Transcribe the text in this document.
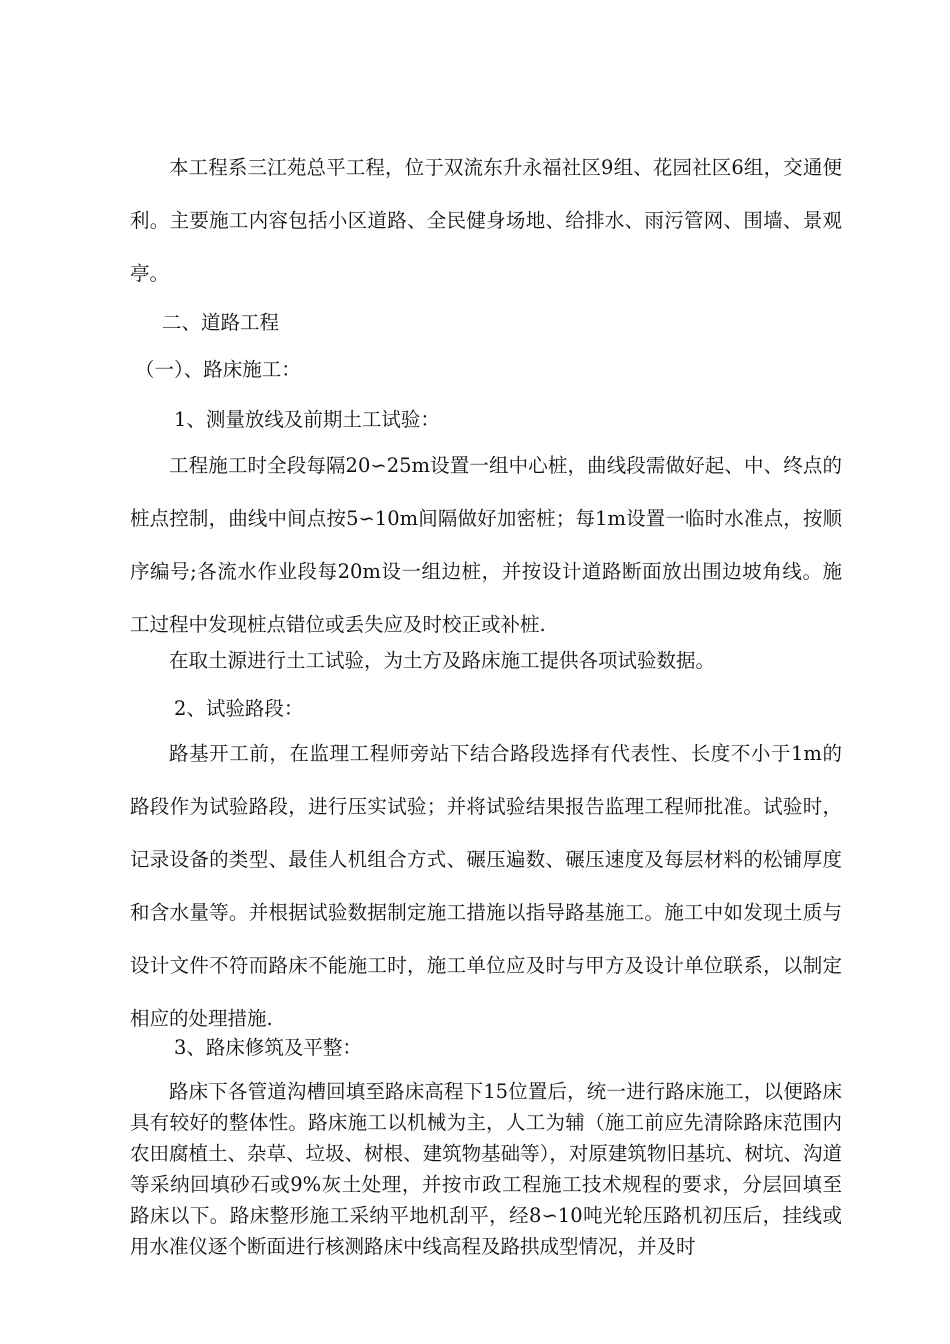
本工程系三江苑总平工程，位于双流东升永福社区9组、花园社区6组，交通便利。主要施工内容包括小区道路、全民健身场地、给排水、雨污管网、围墙、景观亭。

二、道路工程

（一）、路床施工：

1、测量放线及前期土工试验：

工程施工时全段每隔20∽25m设置一组中心桩，曲线段需做好起、中、终点的桩点控制，曲线中间点按5∽10m间隔做好加密桩；每1m设置一临时水准点，按顺序编号;各流水作业段每20m设一组边桩，并按设计道路断面放出围边坡角线。施工过程中发现桩点错位或丢失应及时校正或补桩.

在取土源进行土工试验，为土方及路床施工提供各项试验数据。

2、试验路段：

路基开工前，在监理工程师旁站下结合路段选择有代表性、长度不小于1m的路段作为试验路段，进行压实试验；并将试验结果报告监理工程师批准。试验时，记录设备的类型、最佳人机组合方式、碾压遍数、碾压速度及每层材料的松铺厚度和含水量等。并根据试验数据制定施工措施以指导路基施工。施工中如发现土质与设计文件不符而路床不能施工时，施工单位应及时与甲方及设计单位联系，以制定相应的处理措施.

3、路床修筑及平整：

路床下各管道沟槽回填至路床高程下15位置后，统一进行路床施工，以便路床具有较好的整体性。路床施工以机械为主，人工为辅（施工前应先清除路床范围内农田腐植土、杂草、垃圾、树根、建筑物基础等），对原建筑物旧基坑、树坑、沟道等采纳回填砂石或9%灰土处理，并按市政工程施工技术规程的要求，分层回填至路床以下。路床整形施工采纳平地机刮平，经8∽10吨光轮压路机初压后，挂线或用水准仪逐个断面进行核测路床中线高程及路拱成型情况，并及时
